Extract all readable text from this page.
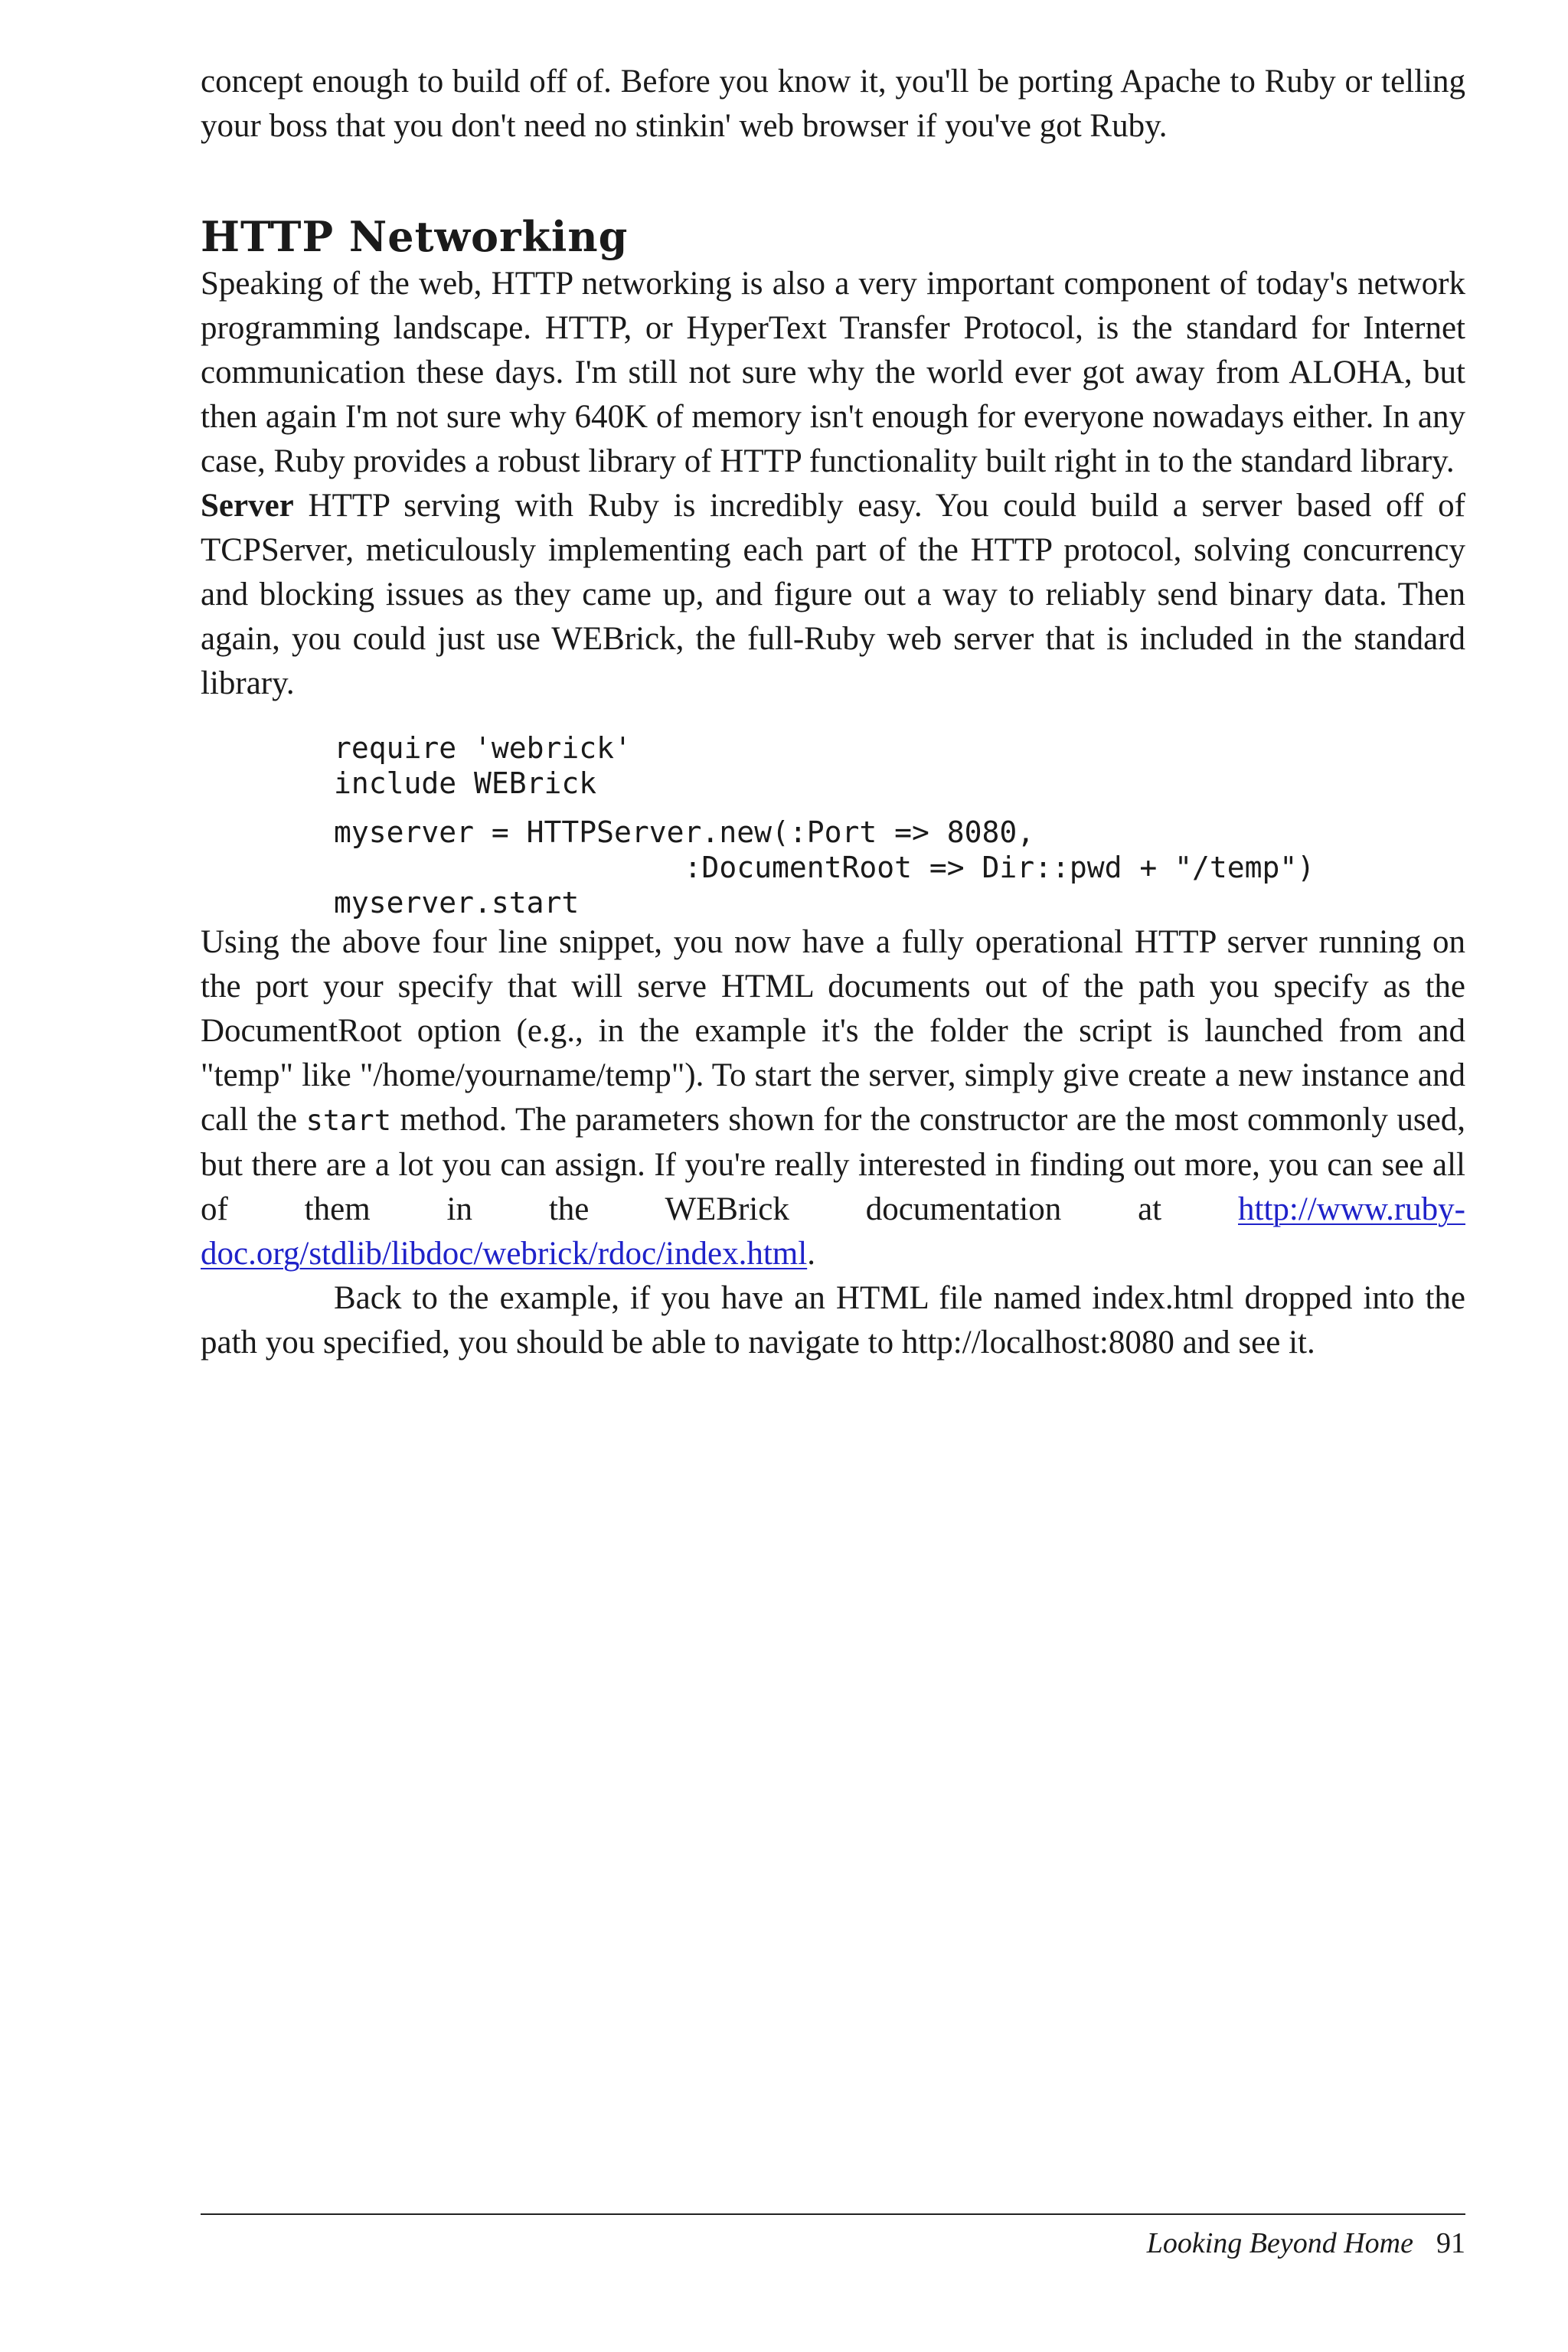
concept enough to build off of. Before you know it, you'll be porting Apache to Ruby or telling your boss that you don't need no stinkin' web browser if you've got Ruby.

HTTP Networking

Speaking of the web, HTTP networking is also a very important component of today's network programming landscape. HTTP, or HyperText Transfer Protocol, is the standard for Internet communication these days. I'm still not sure why the world ever got away from ALOHA, but then again I'm not sure why 640K of memory isn't enough for everyone nowadays either. In any case, Ruby provides a robust library of HTTP functionality built right in to the standard library.

Server HTTP serving with Ruby is incredibly easy. You could build a server based off of TCPServer, meticulously implementing each part of the HTTP protocol, solving concurrency and blocking issues as they came up, and figure out a way to reliably send binary data. Then again, you could just use WEBrick, the full-Ruby web server that is included in the standard library.

require 'webrick'
include WEBrick
myserver = HTTPServer.new(:Port => 8080,
:DocumentRoot => Dir::pwd + "/temp")
myserver.start

Using the above four line snippet, you now have a fully operational HTTP server running on the port your specify that will serve HTML documents out of the path you specify as the DocumentRoot option (e.g., in the example it's the folder the script is launched from and "temp" like "/home/yourname/temp"). To start the server, simply give create a new instance and call the start method. The parameters shown for the constructor are the most commonly used, but there are a lot you can assign. If you're really interested in finding out more, you can see all of them in the WEBrick documentation at http://www.ruby-doc.org/stdlib/libdoc/webrick/rdoc/index.html.

Back to the example, if you have an HTML file named index.html dropped into the path you specified, you should be able to navigate to http://localhost:8080 and see it.

Looking Beyond Home 91
